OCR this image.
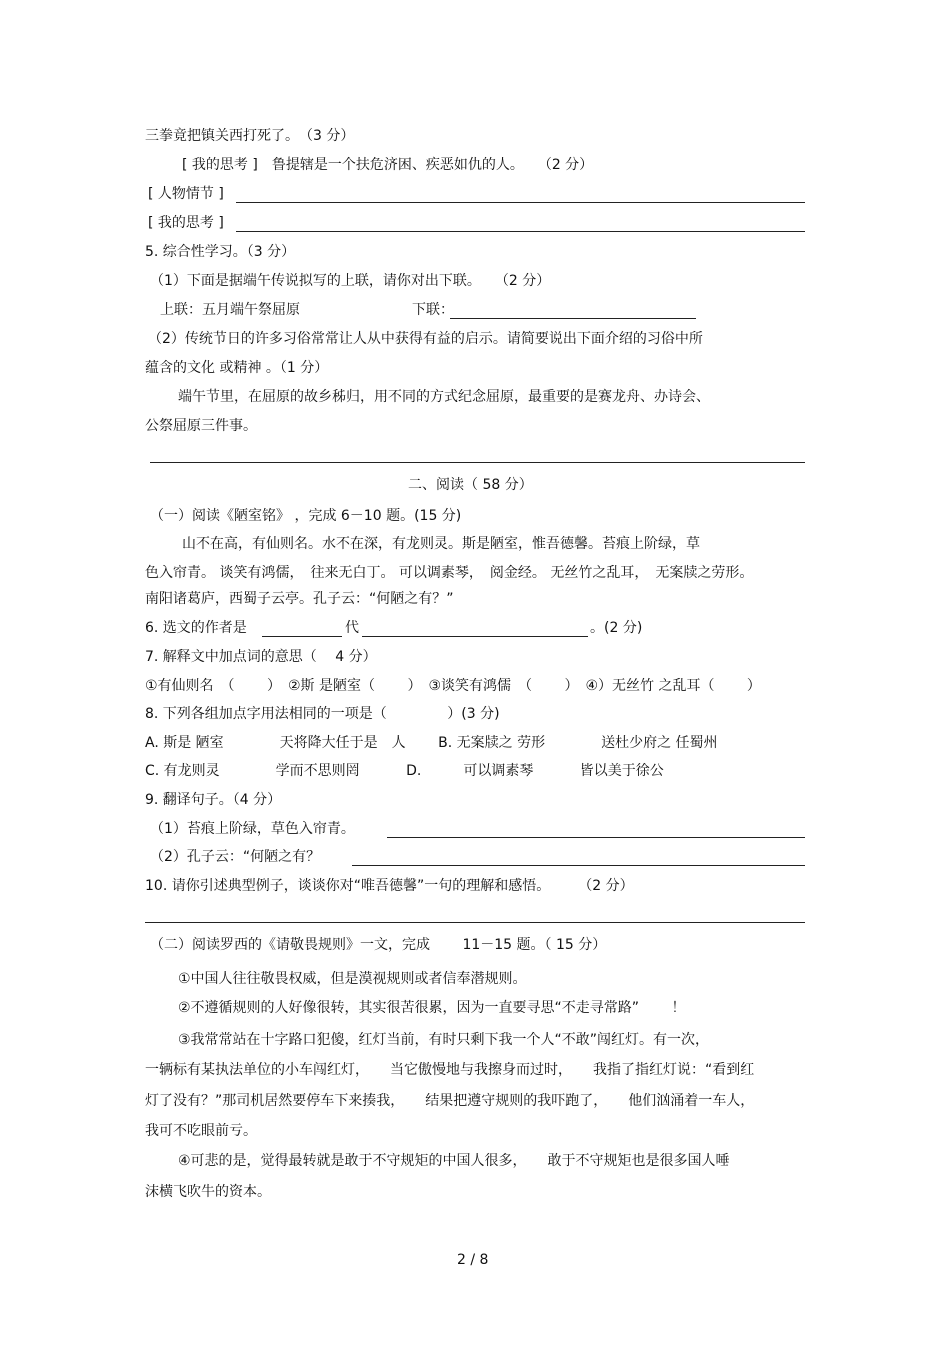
三拳竟把镇关西打死了。　（3 分）
[ 我的思考 ]　鲁提辖是一个扶危济困、疾恶如仇的人。　　（2 分）
[ 人物情节 ]
[ 我的思考 ]
5. 综合性学习。（3 分）
（1）下面是据端午传说拟写的上联，请你对出下联。　　（2 分）
上联：五月端午祭屈原	下联：
（2）传统节日的许多习俗常常让人从中获得有益的启示。请简要说出下面介绍的习俗中所
蕴含的文化 或精神 。（1 分）
端午节里，在屈原的故乡秭归，用不同的方式纪念屈原，最重要的是赛龙舟、办诗会、
公祭屈原三件事。
二、阅读（ 58 分）
（一）阅读《陋室铭》 ，完成 6－10 题。(15 分)
山不在高，有仙则名。水不在深，有龙则灵。斯是陋室，惟吾德馨。苔痕上阶绿，草
色入帘青。 谈笑有鸿儒，　往来无白丁。 可以调素琴，　阅金经。 无丝竹之乱耳，　无案牍之劳形。
南阳诸葛庐，西蜀子云亭。孔子云：“何陋之有？”
6. 选文的作者是	代	。(2 分)
7. 解释文中加点词的意思（　 4 分）
①有仙则名　（　　 ）　②斯 是陋室（　　 ）　③谈笑有鸿儒　（　　 ）　④）无丝竹 之乱耳（　　 ）
8. 下列各组加点字用法相同的一项是（　　　　 ）(3 分)
A. 斯是 陋室　　　　天将降大任于是　人　　 B. 无案牍之 劳形　　　　送杜少府之 任蜀州
C. 有龙则灵　　　　学而不思则罔　　　 D.　　　可以调素琴　　　 皆以美于徐公
9. 翻译句子。（4 分）
（1）苔痕上阶绿，草色入帘青。
（2）孔子云：“何陋之有？
10. 请你引述典型例子，谈谈你对“唯吾德馨”一句的理解和感悟。　　　（2 分）
（二）阅读罗西的《请敬畏规则》一文，完成　　 11－15 题。（ 15 分）
①中国人往往敬畏权威，但是漠视规则或者信奉潜规则。
②不遵循规则的人好像很转，其实很苦很累，因为一直要寻思“不走寻常路”　　 ！
③我常常站在十字路口犯傻，红灯当前，有时只剩下我一个人“不敢”闯红灯。有一次，
一辆标有某执法单位的小车闯红灯，　　当它傲慢地与我擦身而过时，　　我指了指红灯说：“看到红
灯了没有？”那司机居然要停车下来揍我，　　结果把遵守规则的我吓跑了，　　他们汹涌着一车人，
我可不吃眼前亏。
④可悲的是，觉得最转就是敢于不守规矩的中国人很多，　　敢于不守规矩也是很多国人唾
沫横飞吹牛的资本。
2 / 8
